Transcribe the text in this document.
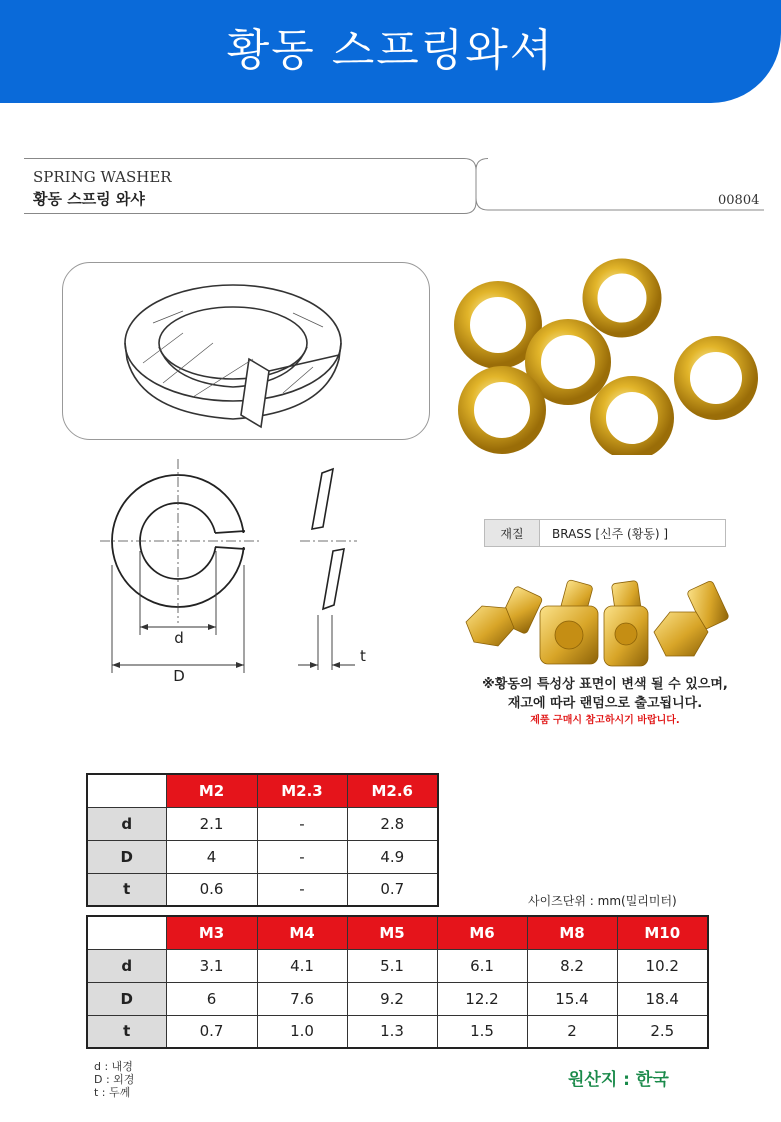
황동 스프링와셔
SPRING WASHER
황동 스프링 와샤	00804
d
D
t
재질	BRASS [신주 (황동) ]
※황동의 특성상 표면이 변색 될 수 있으며,
재고에 따라 랜덤으로 출고됩니다.
제품 구매시 참고하시기 바랍니다.
	M2	M2.3	M2.6
d	2.1	-	2.8
D	4	-	4.9
t	0.6	-	0.7
사이즈단위 : mm(밀리미터)
	M3	M4	M5	M6	M8	M10
d	3.1	4.1	5.1	6.1	8.2	10.2
D	6	7.6	9.2	12.2	15.4	18.4
t	0.7	1.0	1.3	1.5	2	2.5
d : 내경
D : 외경
t : 두께
원산지 : 한국
